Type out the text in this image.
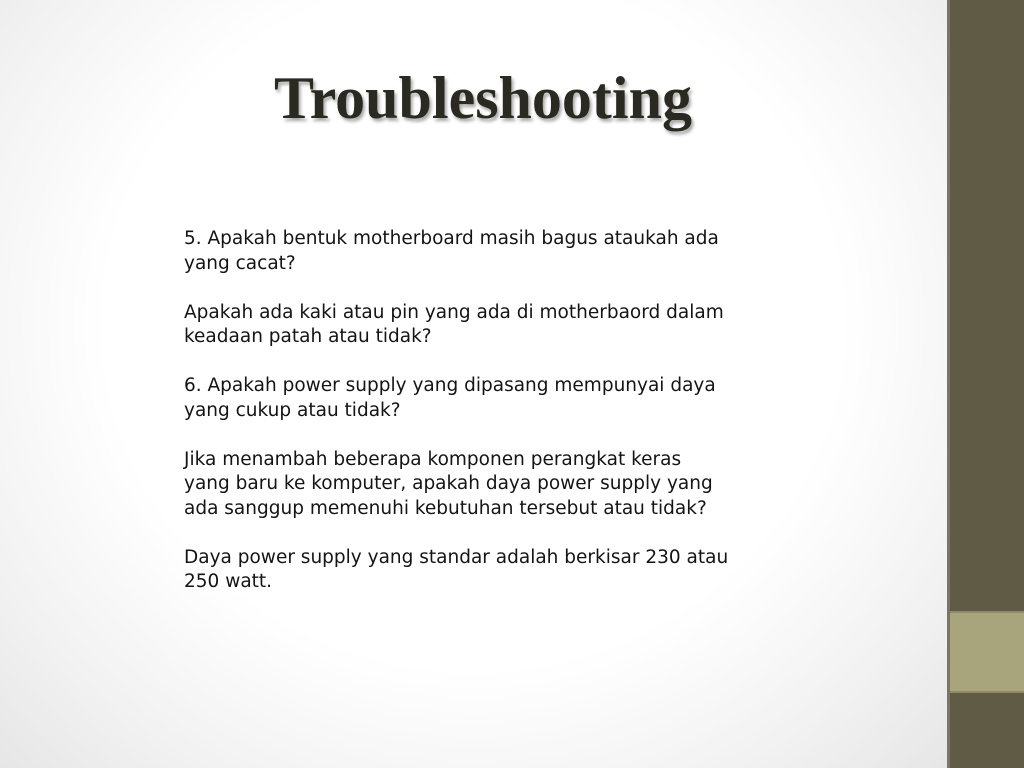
Troubleshooting

5. Apakah bentuk motherboard masih bagus ataukah ada
yang cacat?

Apakah ada kaki atau pin yang ada di motherbaord dalam
keadaan patah atau tidak?

6. Apakah power supply yang dipasang mempunyai daya
yang cukup atau tidak?

Jika menambah beberapa komponen perangkat keras
yang baru ke komputer, apakah daya power supply yang
ada sanggup memenuhi kebutuhan tersebut atau tidak?

Daya power supply yang standar adalah berkisar 230 atau
250 watt.
